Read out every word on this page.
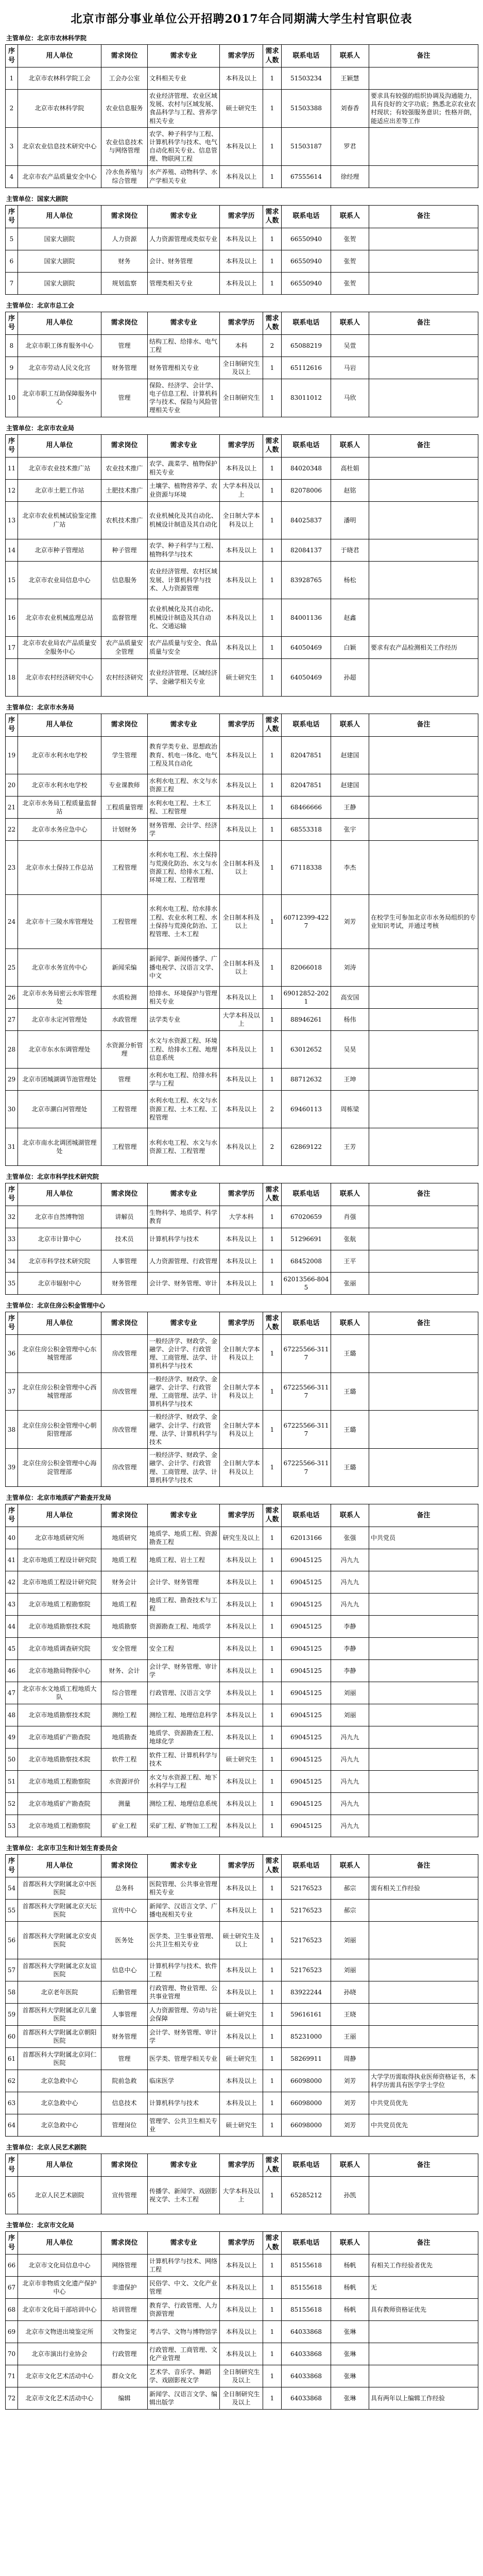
北京市部分事业单位公开招聘2017年合同期满大学生村官职位表
主管单位：北京市农林科学院
序号	用人单位	需求岗位	需求专业	需求学历	需求人数	联系电话	联系人	备注
1	北京市农林科学院工会	工会办公室	文科相关专业	本科及以上	1	51503234	王颖慧	
2	北京市农林科学院	农业信息服务	农业经济管理、农业区域发展、农村与区域发展、食品科学与工程、营养学相关专业	硕士研究生	1	51503388	刘春香	要求具有较强的组织协调及沟通能力，具有良好的文字功底；熟悉北京农业农村现状；有较强服务意识；性格开朗，能适应出差等工作
3	北京农业信息技术研究中心	农业信息技术与网络管理	农学、种子科学与工程、计算机科学与技术、电气自动化相关专业、信息管理、物联网工程	本科及以上	1	51503187	罗君	
4	北京市农产品质量安全中心	冷水鱼养殖与综合管理	水产养殖、动物科学、水产学相关专业	本科及以上	1	67555614	徐经理	
主管单位：国家大剧院
序号	用人单位	需求岗位	需求专业	需求学历	需求人数	联系电话	联系人	备注
5	国家大剧院	人力资源	人力资源管理或类似专业	本科及以上	1	66550940	张贺	
6	国家大剧院	财务	会计、财务管理	本科及以上	1	66550940	张贺	
7	国家大剧院	规划监察	管理类相关专业	本科及以上	1	66550940	张贺	
主管单位：北京市总工会
序号	用人单位	需求岗位	需求专业	需求学历	需求人数	联系电话	联系人	备注
8	北京市职工体育服务中心	管理	结构工程、给排水、电气工程	本科	2	65088219	吴萱	
9	北京市劳动人民文化宫	财务管理	财务管理相关专业	全日制研究生及以上	1	65112616	马岩	
10	北京市职工互助保障服务中心	管理	保险、经济学、会计学、电子信息工程、计算机科学与技术、保险与风险管理相关专业	全日制研究生	1	83011012	马欣	
主管单位：北京市农业局
序号	用人单位	需求岗位	需求专业	需求学历	需求人数	联系电话	联系人	备注
11	北京市农业技术推广站	农业技术推广	农学、蔬菜学、植物保护相关专业	本科及以上	1	84020348	高杜娟	
12	北京市土肥工作站	土肥技术推广	土壤学、植物营养学、农业资源与环境	大学本科及以上	1	82078006	赵铭	
13	北京市农业机械试验鉴定推广站	农机技术推广	农业机械化及其自动化、机械设计制造及其自动化	全日制大学本科及以上	1	84025837	潘明	
14	北京市种子管理站	种子管理	农学、种子科学与工程、植物科学与技术	本科及以上	1	82084137	于晓君	
15	北京市农业局信息中心	信息服务	农业经济管理、农村区域发展、计算机科学与技术、人力资源管理	本科及以上	1	83928765	杨松	
16	北京市农业机械监理总站	监督管理	农业机械化及其自动化、机械设计制造及其自动化、交通运输	本科及以上	1	84001136	赵鑫	
17	北京市农业局农产品质量安全服务中心	农产品质量安全管理	农产品质量与安全、食品质量与安全	本科及以上	1	64050469	白颖	要求有农产品检测相关工作经历
18	北京市农村经济研究中心	农村经济研究	农业经济管理、区域经济学、金融学相关专业	硕士研究生	1	64050469	孙超	
主管单位：北京市水务局
序号	用人单位	需求岗位	需求专业	需求学历	需求人数	联系电话	联系人	备注
19	北京市水利水电学校	学生管理	教育学类专业、思想政治教育、机电一体化、电气工程及其自动化	本科及以上	1	82047851	赵建国	
20	北京市水利水电学校	专业课教师	水利水电工程、水文与水资源工程	本科及以上	1	82047851	赵建国	
21	北京市水务局工程质量监督站	工程质量管理	水利水电工程、土木工程、工程管理	本科及以上	1	68466666	王静	
22	北京市水务应急中心	计划财务	财务管理、会计学、经济学	本科及以上	1	68553318	张宇	
23	北京市水土保持工作总站	工程管理	水利水电工程、水土保持与荒漠化防治、水文与水资源工程、给排水工程、环境工程、工程管理	全日制本科及以上	1	67118338	李杰	
24	北京市十三陵水库管理处	工程管理	水利水电工程、给水排水工程、农业水利工程、水土保持与荒漠化防治、工程管理、土木工程	全日制本科及以上	1	60712399-4227	刘芳	在校学生可参加北京市水务局组织的专业知识考试，并通过考核
25	北京市水务宣传中心	新闻采编	新闻学、新闻传播学、广播电视学、汉语言文学、中文	全日制本科及以上	1	82066018	刘涛	
26	北京市水务局密云水库管理处	水质检测	给排水、环境保护与管理相关专业	本科及以上	1	69012852-2021	高安国	
27	北京市永定河管理处	水政管理	法学类专业	大学本科及以上	1	88946261	杨伟	
28	北京市东水东调管理处	水资源分析管理	水文与水资源工程、环境工程、给排水工程、地理信息系统	本科及以上	1	63012652	吴昊	
29	北京市团城湖调节池管理处	管理	水利水电工程、给排水科学与工程	本科及以上	1	88712632	王坤	
30	北京市潮白河管理处	工程管理	水利水电工程、水文与水资源工程、土木工程、工程管理	本科及以上	2	69460113	周栋梁	
31	北京市南水北调团城湖管理处	工程管理	水利水电工程、水文与水资源工程、工程管理	本科及以上	2	62869122	王芳	
主管单位：北京市科学技术研究院
序号	用人单位	需求岗位	需求专业	需求学历	需求人数	联系电话	联系人	备注
32	北京市自然博物馆	讲解员	生物科学、地质学、科学教育	大学本科	1	67020659	肖强	
33	北京市计算中心	技术员	计算机科学与技术	本科及以上	1	51296691	张航	
34	北京市科学技术研究院	人事管理	人力资源管理、行政管理	本科及以上	1	68452008	王平	
35	北京市辐射中心	财务管理	会计学、财务管理、审计	本科及以上	1	62013566-8045	张丽	
主管单位：北京住房公积金管理中心
序号	用人单位	需求岗位	需求专业	需求学历	需求人数	联系电话	联系人	备注
36	北京住房公积金管理中心东城管理部	房改管理	一般经济学、财政学、金融学、会计学、行政管理、工商管理、法学、计算机科学与技术	全日制大学本科及以上	1	67225566-3117	王璐	
37	北京住房公积金管理中心西城管理部	房改管理	一般经济学、财政学、金融学、会计学、行政管理、工商管理、法学、计算机科学与技术	全日制大学本科及以上	1	67225566-3117	王璐	
38	北京住房公积金管理中心朝阳管理部	房改管理	一般经济学、财政学、金融学、会计学、行政管理、法学、计算机科学与技术	全日制大学本科及以上	1	67225566-3117	王璐	
39	北京住房公积金管理中心海淀管理部	房改管理	一般经济学、财政学、金融学、会计学、行政管理、工商管理、法学、计算机科学与技术	全日制大学本科及以上	1	67225566-3117	王璐	
主管单位：北京市地质矿产勘查开发局
序号	用人单位	需求岗位	需求专业	需求学历	需求人数	联系电话	联系人	备注
40	北京市地质研究所	地质研究	地质学、地质工程、资源勘查工程	研究生及以上	1	62013166	张强	中共党员
41	北京市地质工程设计研究院	地质工程	地质工程、岩土工程	本科及以上	1	69045125	冯九九	
42	北京市地质工程设计研究院	财务会计	会计学、财务管理	本科及以上	1	69045125	冯九九	
43	北京市地质工程勘察院	地质工程	地质工程、勘查技术与工程	本科及以上	1	69045125	冯九九	
44	北京市地质勘察技术院	地质勘察	资源勘查工程、地质学	本科及以上	1	69045125	李静	
45	北京市地质调查研究院	安全管理	安全工程	本科及以上	1	69045125	李静	
46	北京市地勘局物探中心	财务、会计	会计学、财务管理、审计学	本科及以上	1	69045125	李静	
47	北京市水文地质工程地质大队	综合管理	行政管理、汉语言文学	本科及以上	1	69045125	刘丽	
48	北京市地质勘察技术院	测绘工程	测绘工程、地理信息科学	本科及以上	1	69045125	刘丽	
49	北京市地质矿产勘查院	地质勘查	地质学、资源勘查工程、地球化学	本科及以上	1	69045125	冯九九	
50	北京市地质勘察技术院	软件工程	软件工程、计算机科学与技术	硕士研究生	1	69045125	冯九九	
51	北京市地质工程勘察院	水资源评价	水文与水资源工程、地下水科学与工程	本科及以上	1	69045125	冯九九	
52	北京市地质矿产勘查院	测量	测绘工程、地理信息系统	本科及以上	1	69045125	冯九九	
53	北京市地质工程勘察院	矿业工程	采矿工程、矿物加工工程	本科及以上	1	69045125	冯九九	
主管单位：北京市卫生和计划生育委员会
序号	用人单位	需求岗位	需求专业	需求学历	需求人数	联系电话	联系人	备注
54	首都医科大学附属北京中医医院	总务科	医院管理、公共事业管理相关专业	本科及以上	1	52176523	郝宗	需有相关工作经验
55	首都医科大学附属北京天坛医院	宣传中心	新闻学、汉语言文学、广播电视相关专业	本科及以上	1	52176523	郝宗	
56	首都医科大学附属北京安贞医院	医务处	医学类、卫生事业管理、公共卫生相关专业	硕士研究生及以上	1	52176523	刘丽	
57	首都医科大学附属北京友谊医院	信息中心	计算机科学与技术、软件工程	本科及以上	1	52176523	刘丽	
58	北京老年医院	后勤管理	行政管理、物业管理、公共事业管理	本科及以上	1	83922244	孙晓	
59	首都医科大学附属北京儿童医院	人事管理	人力资源管理、劳动与社会保障	硕士研究生	1	59616161	王晓	
60	首都医科大学附属北京朝阳医院	财务管理	会计学、财务管理、审计学	本科及以上	1	85231000	王丽	
61	首都医科大学附属北京同仁医院	管理	医学类、管理学相关专业	硕士研究生	1	58269911	周静	
62	北京急救中心	院前急救	临床医学	本科及以上	1	66098000	刘芳	大学学历需取得执业医师资格证书，本科学历需具有医学学士学位
63	北京急救中心	信息技术	计算机科学与技术	本科及以上	1	66098000	刘芳	中共党员优先
64	北京急救中心	管理岗位	管理学、公共卫生相关专业	硕士研究生	1	66098000	刘芳	中共党员优先
主管单位：北京人民艺术剧院
序号	用人单位	需求岗位	需求专业	需求学历	需求人数	联系电话	联系人	备注
65	北京人民艺术剧院	宣传管理	传播学、新闻学、戏剧影视文学、土木工程	大学本科及以上	1	65285212	孙凯	
主管单位：北京市文化局
序号	用人单位	需求岗位	需求专业	需求学历	需求人数	联系电话	联系人	备注
66	北京市文化局信息中心	网络管理	计算机科学与技术、网络工程	本科及以上	1	85155618	杨帆	有相关工作经验者优先
67	北京市非物质文化遗产保护中心	非遗保护	民俗学、中文、文化产业管理	本科及以上	1	85155618	杨帆	无
68	北京市文化局干部培训中心	培训管理	教育学、行政管理、人力资源管理	本科及以上	1	85155618	杨帆	具有教师资格证优先
69	北京市文物进出境鉴定所	文物鉴定	考古学、文物与博物馆学	本科及以上	1	64033868	张琳	
70	北京市演出行业协会	行政管理	行政管理、工商管理、文化产业管理	本科及以上	1	64033868	张琳	
71	北京市文化艺术活动中心	群众文化	艺术学、音乐学、舞蹈学、戏剧影视文学	全日制研究生及以上	1	64033868	张琳	
72	北京市文化艺术活动中心	编辑	新闻学、汉语言文学、编辑出版学	全日制研究生及以上	1	64033868	张琳	具有两年以上编辑工作经验
